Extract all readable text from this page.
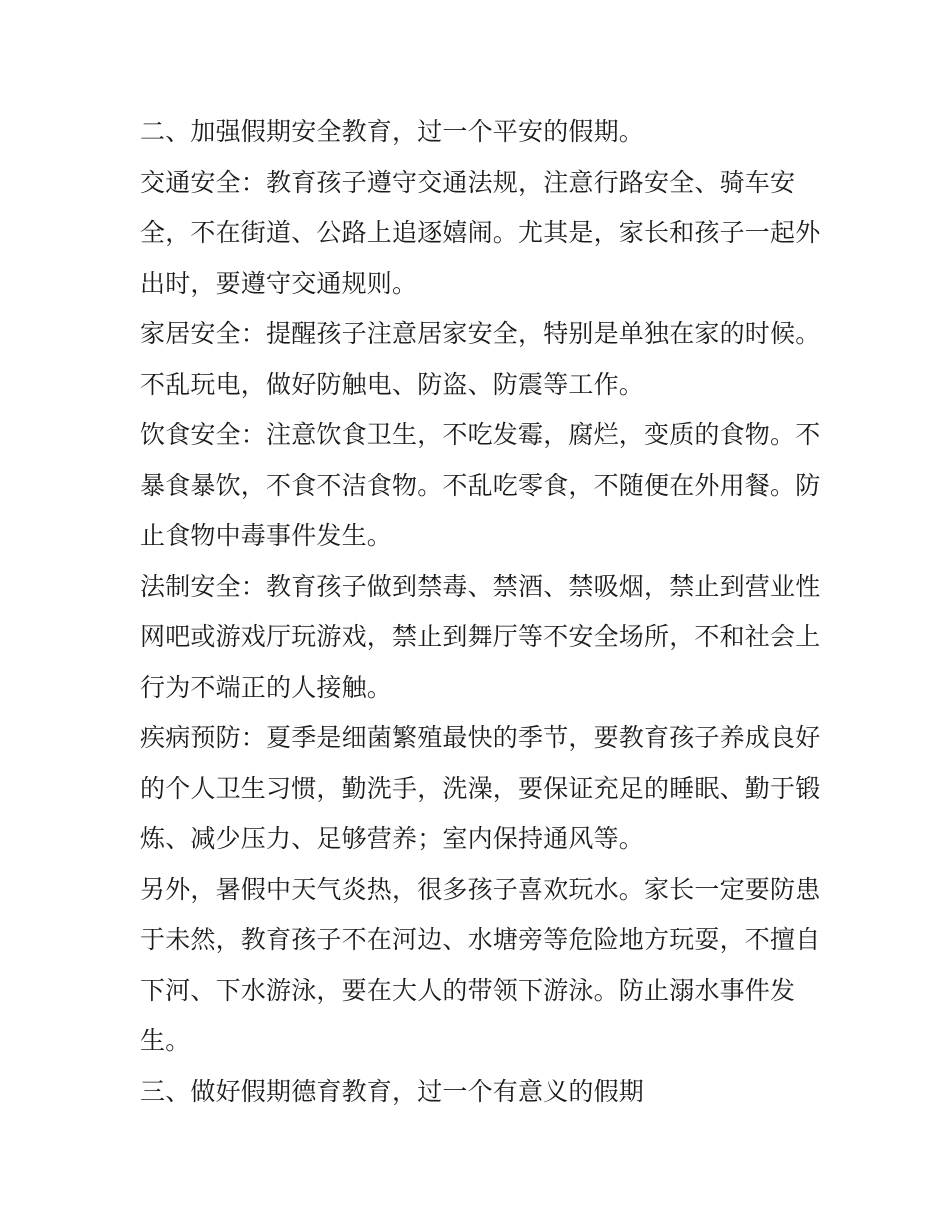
二、加强假期安全教育，过一个平安的假期。
交通安全：教育孩子遵守交通法规，注意行路安全、骑车安
全，不在街道、公路上追逐嬉闹。尤其是，家长和孩子一起外
出时，要遵守交通规则。
家居安全：提醒孩子注意居家安全，特别是单独在家的时候。
不乱玩电，做好防触电、防盗、防震等工作。
饮食安全：注意饮食卫生，不吃发霉，腐烂，变质的食物。不
暴食暴饮，不食不洁食物。不乱吃零食，不随便在外用餐。防
止食物中毒事件发生。
法制安全：教育孩子做到禁毒、禁酒、禁吸烟，禁止到营业性
网吧或游戏厅玩游戏，禁止到舞厅等不安全场所，不和社会上
行为不端正的人接触。
疾病预防：夏季是细菌繁殖最快的季节，要教育孩子养成良好
的个人卫生习惯，勤洗手，洗澡，要保证充足的睡眠、勤于锻
炼、减少压力、足够营养；室内保持通风等。
另外，暑假中天气炎热，很多孩子喜欢玩水。家长一定要防患
于未然，教育孩子不在河边、水塘旁等危险地方玩耍，不擅自
下河、下水游泳，要在大人的带领下游泳。防止溺水事件发
生。
三、做好假期德育教育，过一个有意义的假期
